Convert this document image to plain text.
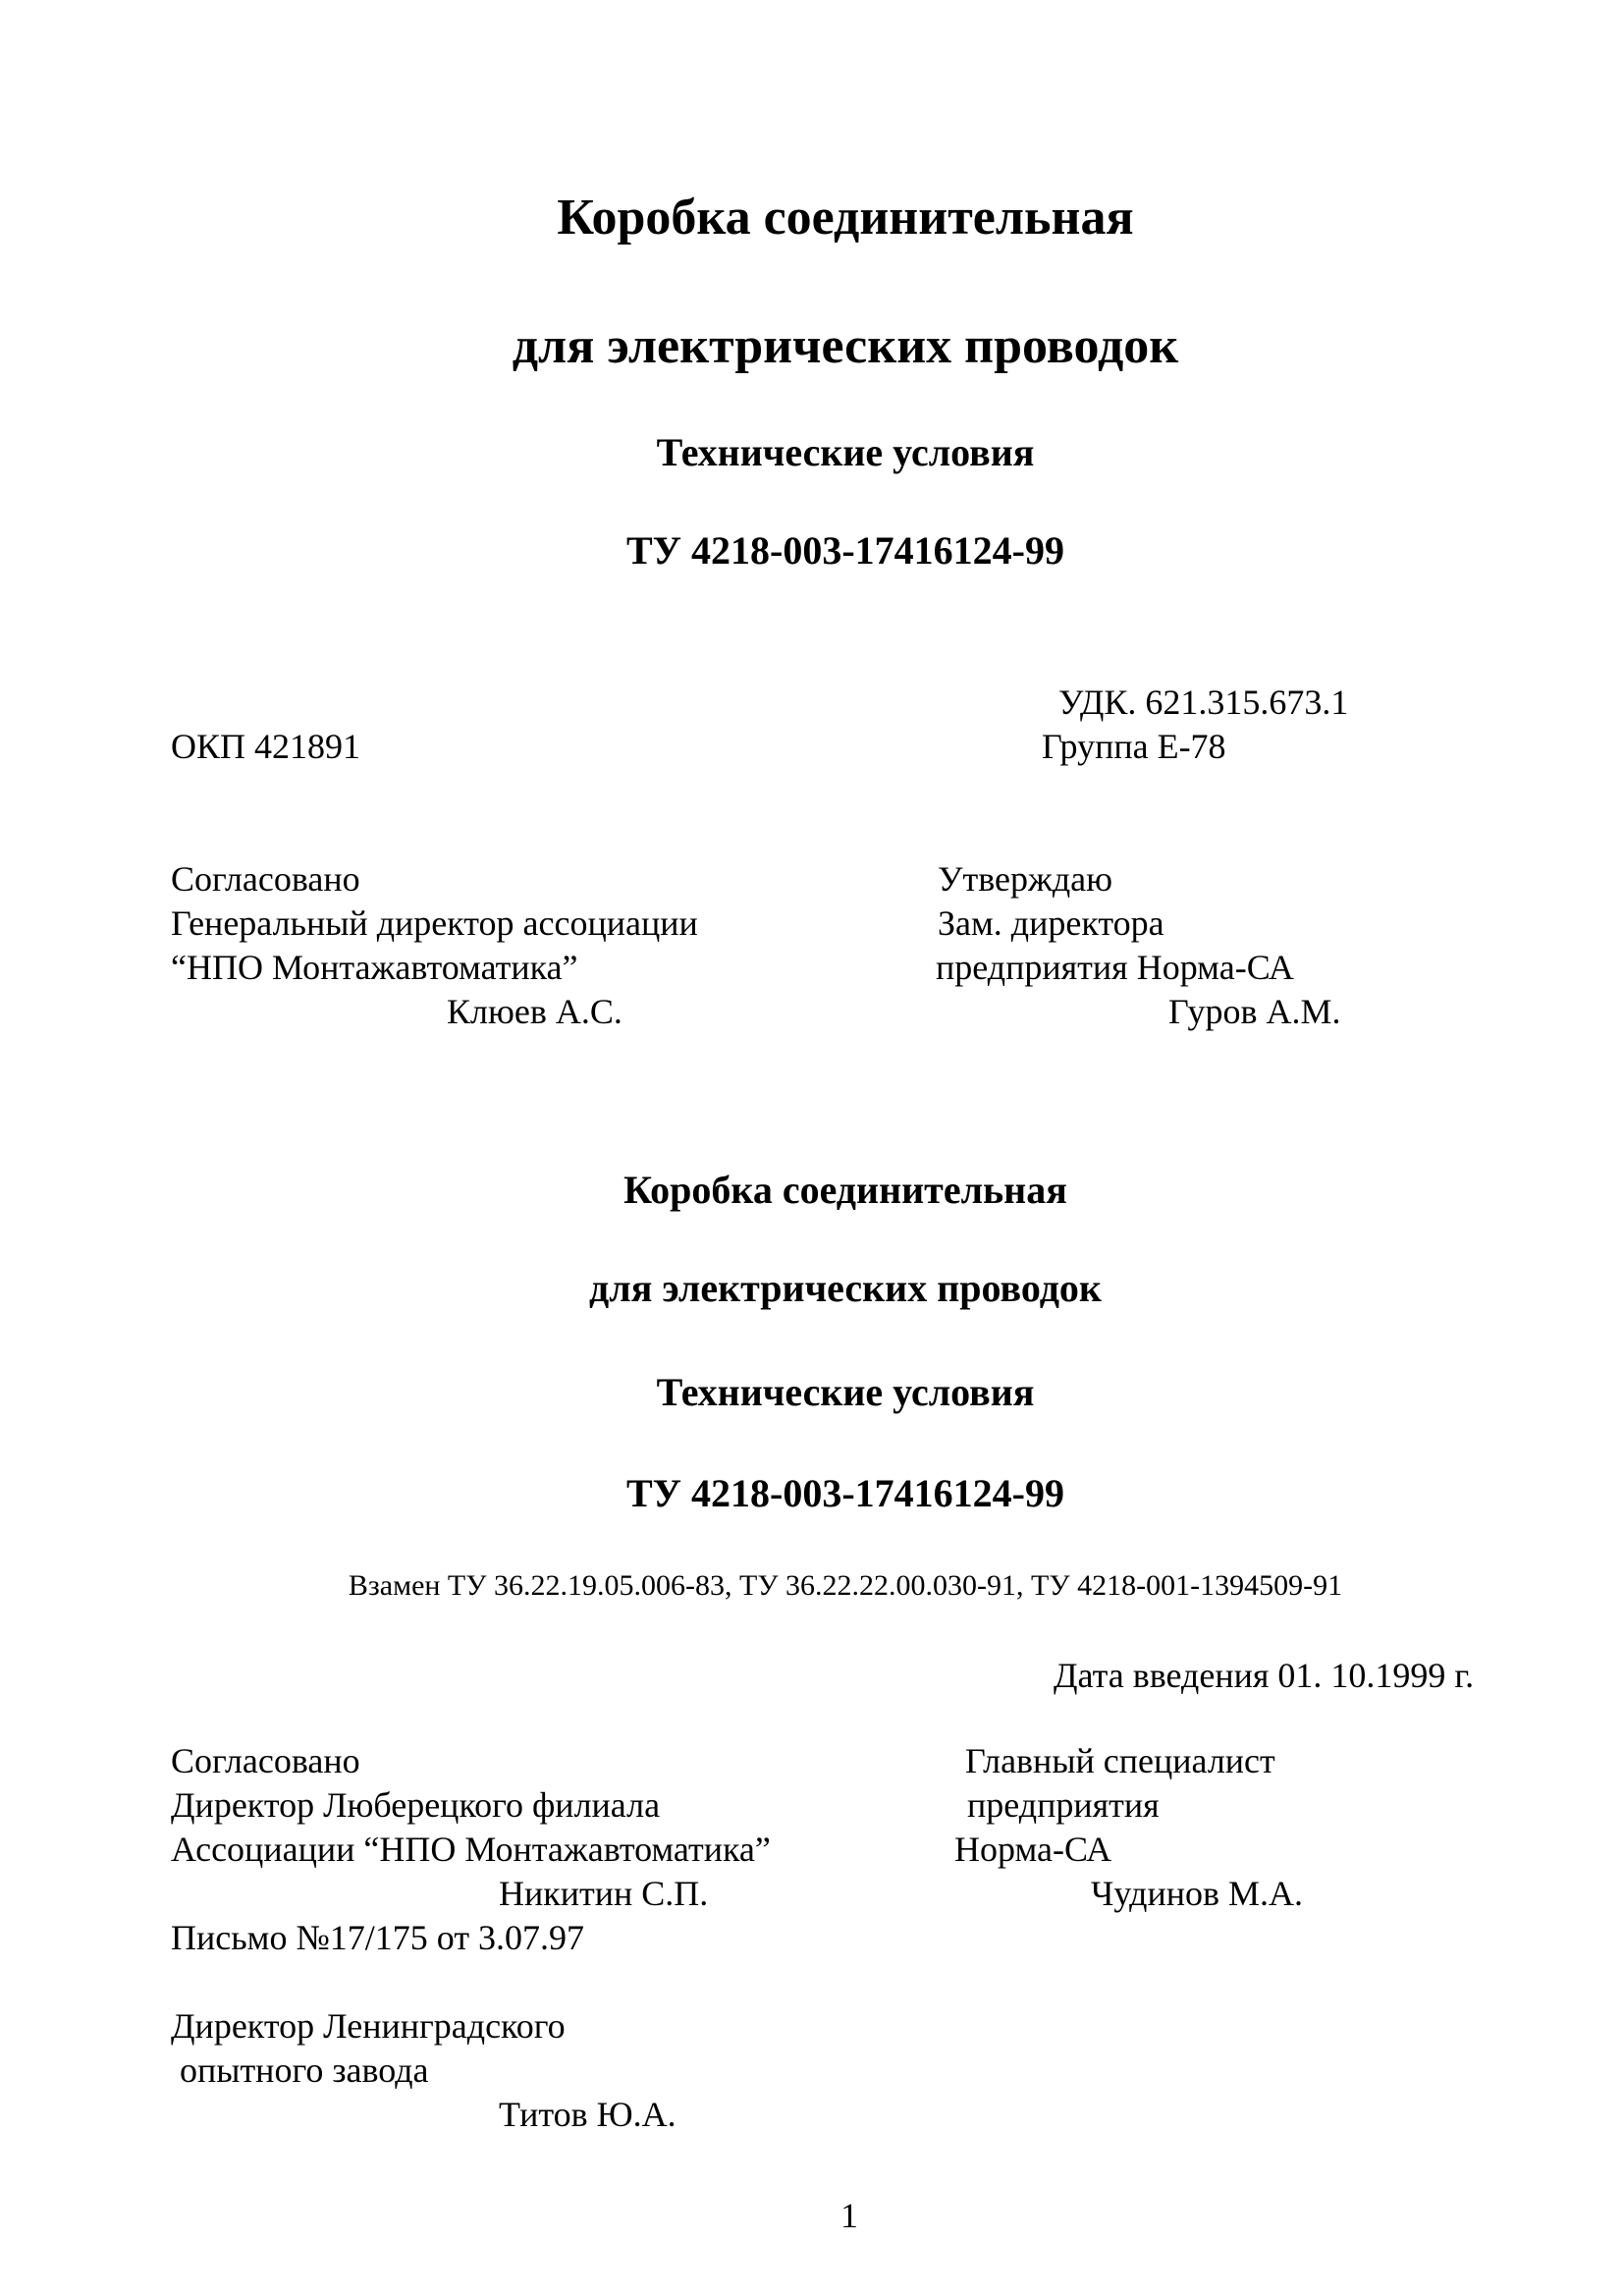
Коробка соединительная
для электрических проводок
Технические условия
ТУ 4218-003-17416124-99
УДК. 621.315.673.1
ОКП 421891	Группа Е-78
Согласовано
Генеральный директор ассоциации
“НПО Монтажавтоматика”
Клюев А.С.
Утверждаю
Зам. директора
предприятия Норма-СА
Гуров А.М.
Коробка соединительная
для электрических проводок
Технические условия
ТУ 4218-003-17416124-99
Взамен ТУ 36.22.19.05.006-83, ТУ 36.22.22.00.030-91, ТУ 4218-001-1394509-91
Дата введения 01. 10.1999 г.
Согласовано
Директор Люберецкого филиала
Ассоциации “НПО Монтажавтоматика”
Никитин С.П.
Письмо №17/175 от 3.07.97
Директор Ленинградского
опытного завода
Титов Ю.А.
Главный специалист
предприятия
Норма-СА
Чудинов М.А.
1
